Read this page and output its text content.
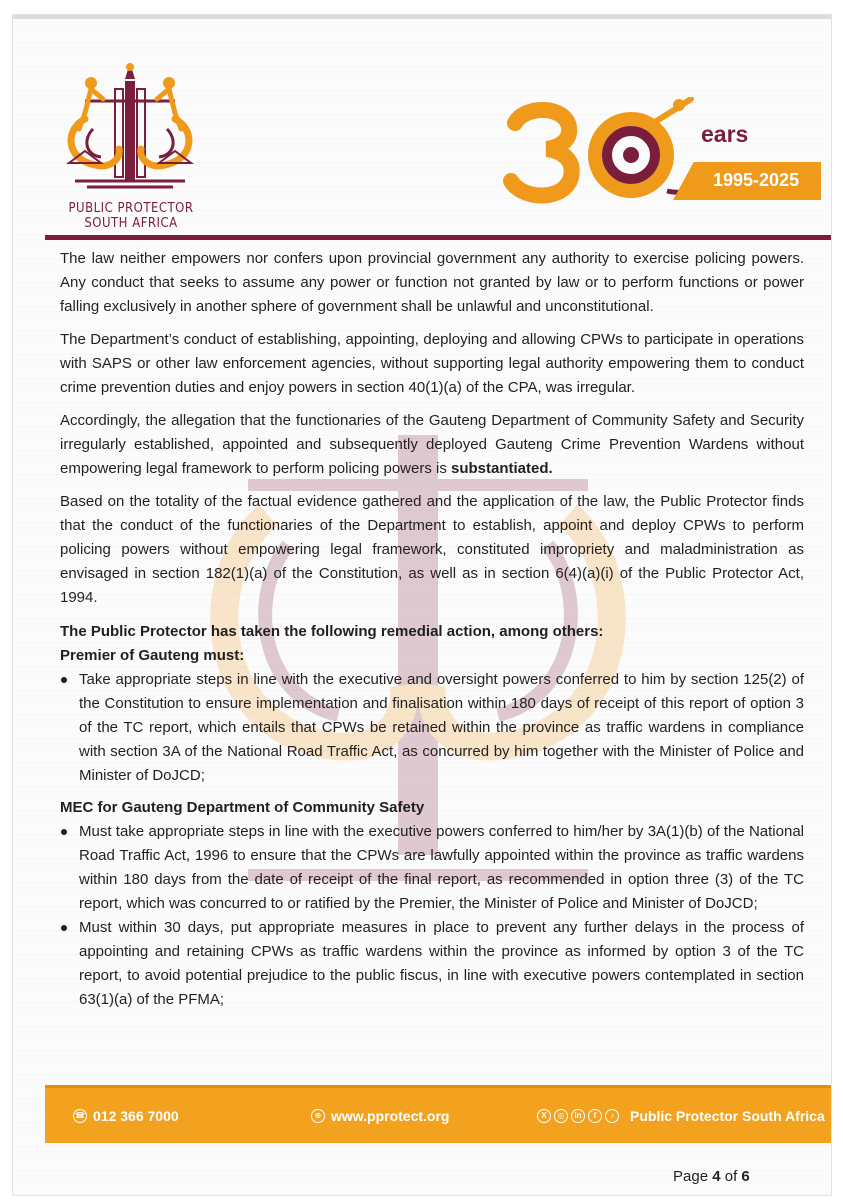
PUBLIC PROTECTOR
SOUTH AFRICA
ears
1995-2025

The law neither empowers nor confers upon provincial government any authority to exercise policing powers. Any conduct that seeks to assume any power or function not granted by law or to perform functions or power falling exclusively in another sphere of government shall be unlawful and unconstitutional.

The Department’s conduct of establishing, appointing, deploying and allowing CPWs to participate in operations with SAPS or other law enforcement agencies, without supporting legal authority empowering them to conduct crime prevention duties and enjoy powers in section 40(1)(a) of the CPA, was irregular.

Accordingly, the allegation that the functionaries of the Gauteng Department of Community Safety and Security irregularly established, appointed and subsequently deployed Gauteng Crime Prevention Wardens without empowering legal framework to perform policing powers is substantiated.

Based on the totality of the factual evidence gathered and the application of the law, the Public Protector finds that the conduct of the functionaries of the Department to establish, appoint and deploy CPWs to perform policing powers without empowering legal framework, constituted impropriety and maladministration as envisaged in section 182(1)(a) of the Constitution, as well as in section 6(4)(a)(i) of the Public Protector Act, 1994.

The Public Protector has taken the following remedial action, among others:

Premier of Gauteng must:

Take appropriate steps in line with the executive and oversight powers conferred to him by section 125(2) of the Constitution to ensure implementation and finalisation within 180 days of receipt of this report of option 3 of the TC report, which entails that CPWs be retained within the province as traffic wardens in compliance with section 3A of the National Road Traffic Act, as concurred by him together with the Minister of Police and Minister of DoJCD;

MEC for Gauteng Department of Community Safety

Must take appropriate steps in line with the executive powers conferred to him/her by 3A(1)(b) of the National Road Traffic Act, 1996 to ensure that the CPWs are lawfully appointed within the province as traffic wardens within 180 days from the date of receipt of the final report, as recommended in option three (3) of the TC report, which was concurred to or ratified by the Premier, the Minister of Police and Minister of DoJCD;
Must within 30 days, put appropriate measures in place to prevent any further delays in the process of appointing and retaining CPWs as traffic wardens within the province as informed by option 3 of the TC report, to avoid potential prejudice to the public fiscus, in line with executive powers contemplated in section 63(1)(a) of the PFMA;
☎ 012 366 7000	⊕ www.pprotect.org	X	◎	in	f	♪	Public Protector South Africa
Page 4 of 6
